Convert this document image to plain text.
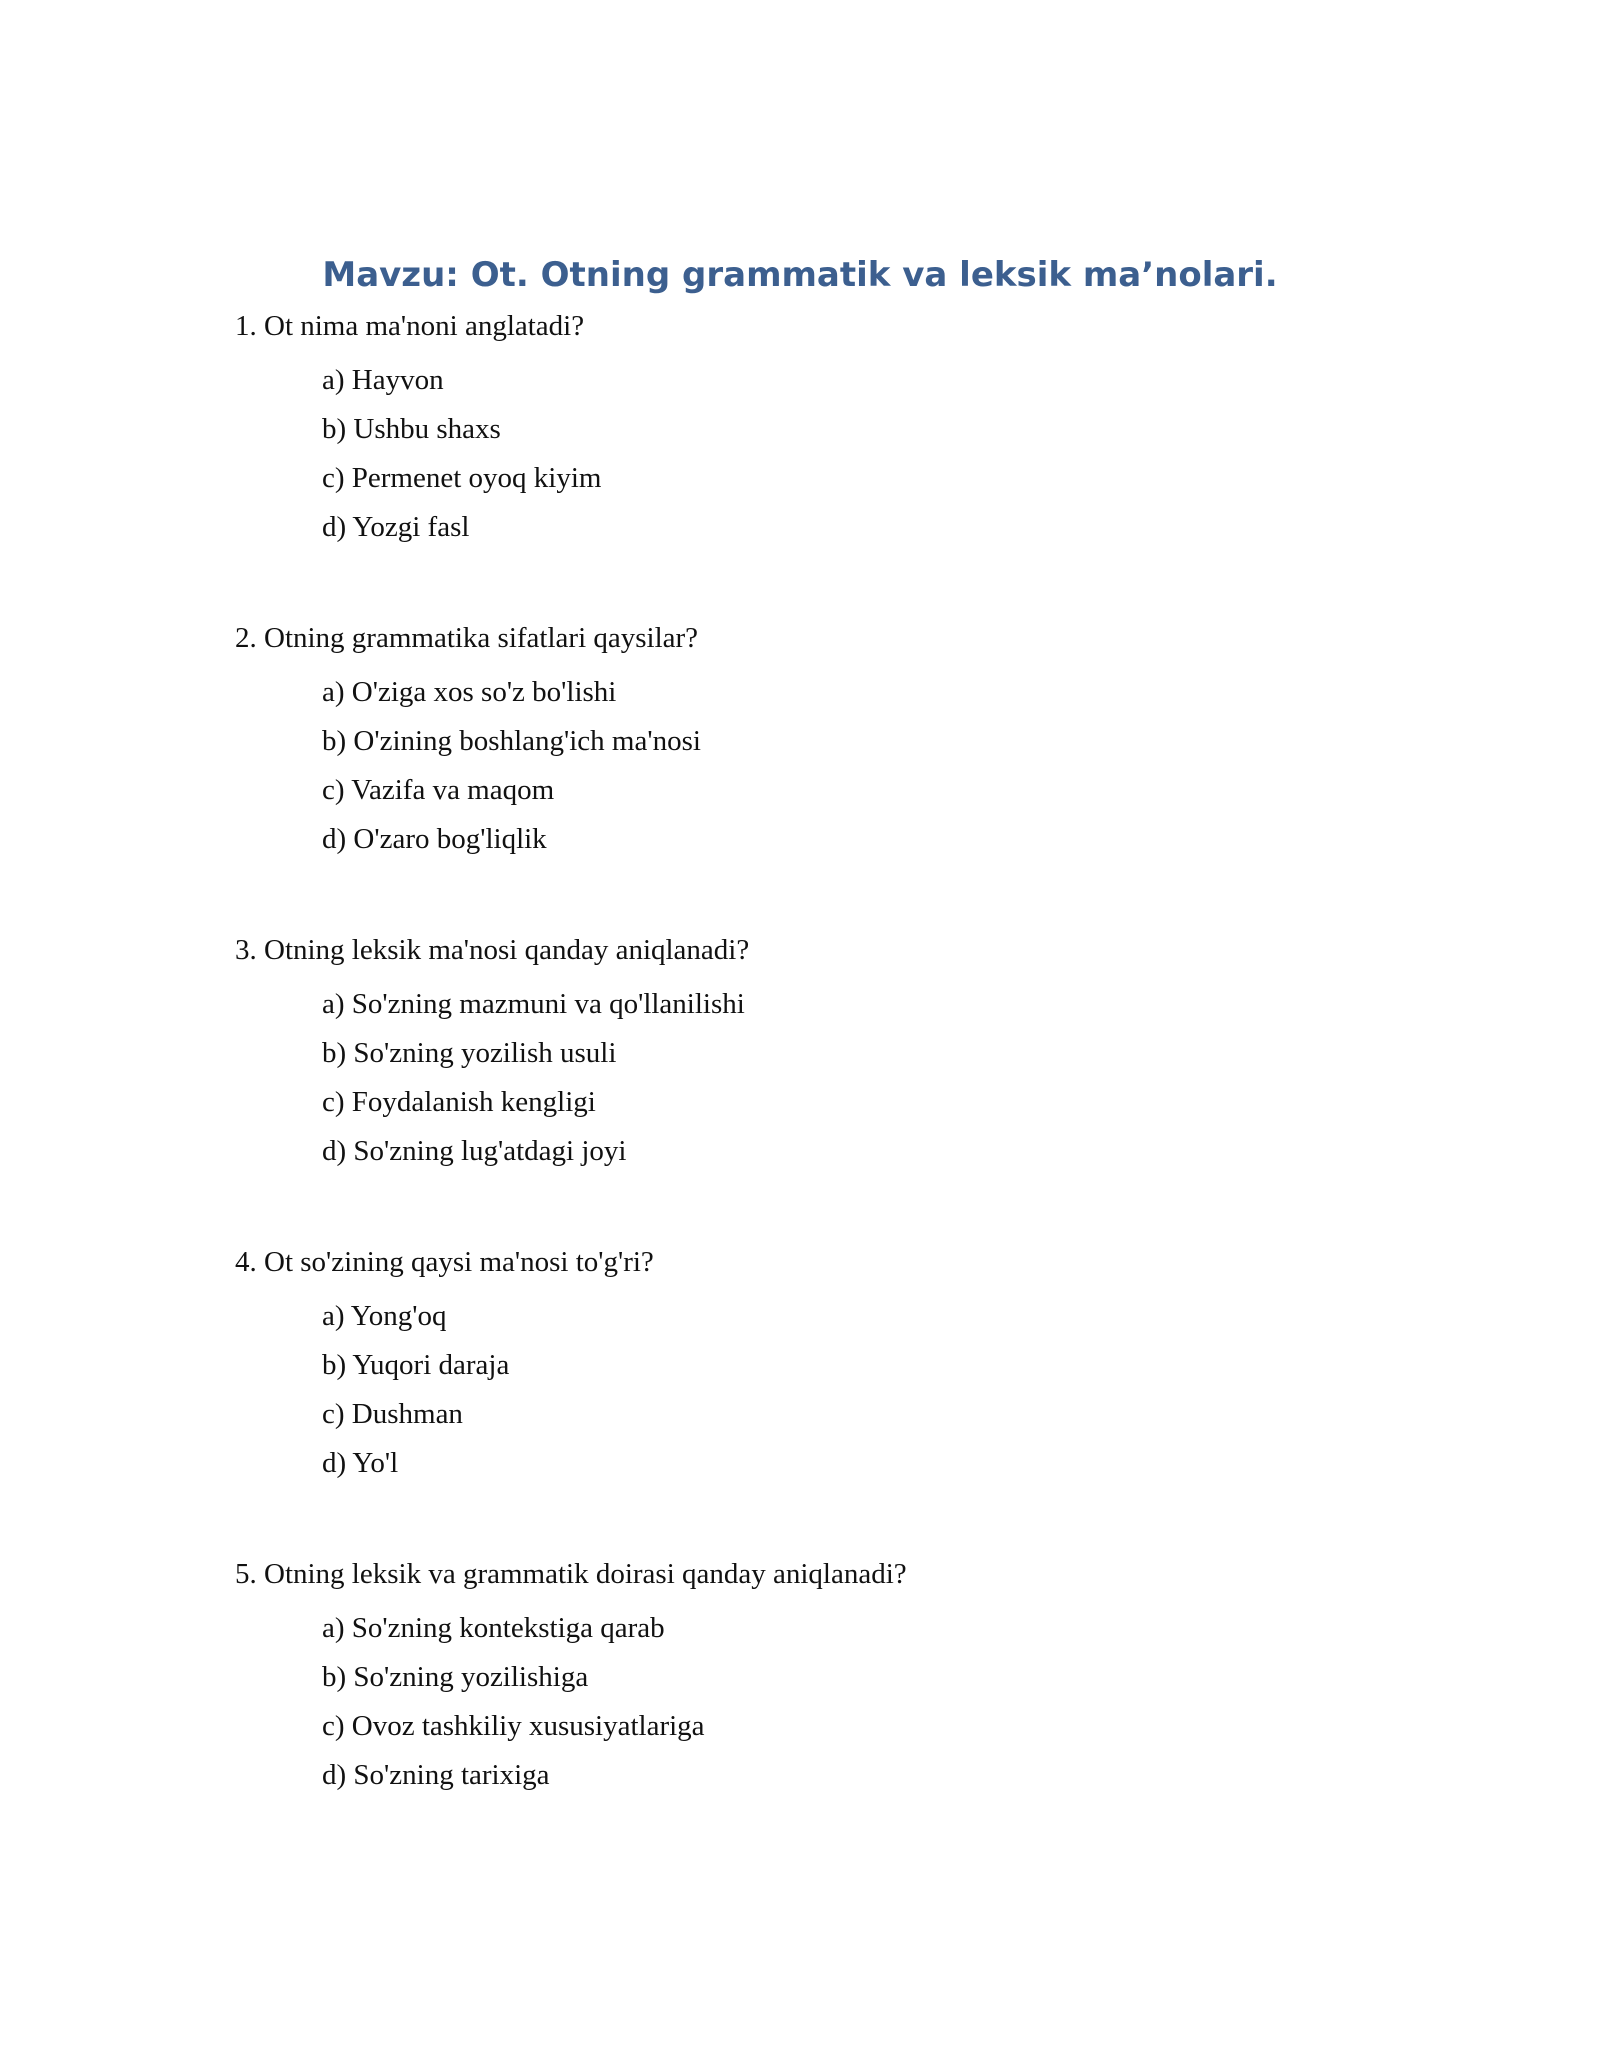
Mavzu: Ot. Otning grammatik va leksik ma’nolari.

1. Ot nima ma'noni anglatadi?

a) Hayvon
b) Ushbu shaxs
c) Permenet oyoq kiyim
d) Yozgi fasl

2. Otning grammatika sifatlari qaysilar?

a) O'ziga xos so'z bo'lishi
b) O'zining boshlang'ich ma'nosi
c) Vazifa va maqom
d) O'zaro bog'liqlik

3. Otning leksik ma'nosi qanday aniqlanadi?

a) So'zning mazmuni va qo'llanilishi
b) So'zning yozilish usuli
c) Foydalanish kengligi
d) So'zning lug'atdagi joyi

4. Ot so'zining qaysi ma'nosi to'g'ri?

a) Yong'oq
b) Yuqori daraja
c) Dushman
d) Yo'l

5. Otning leksik va grammatik doirasi qanday aniqlanadi?

a) So'zning kontekstiga qarab
b) So'zning yozilishiga
c) Ovoz tashkiliy xususiyatlariga
d) So'zning tarixiga
